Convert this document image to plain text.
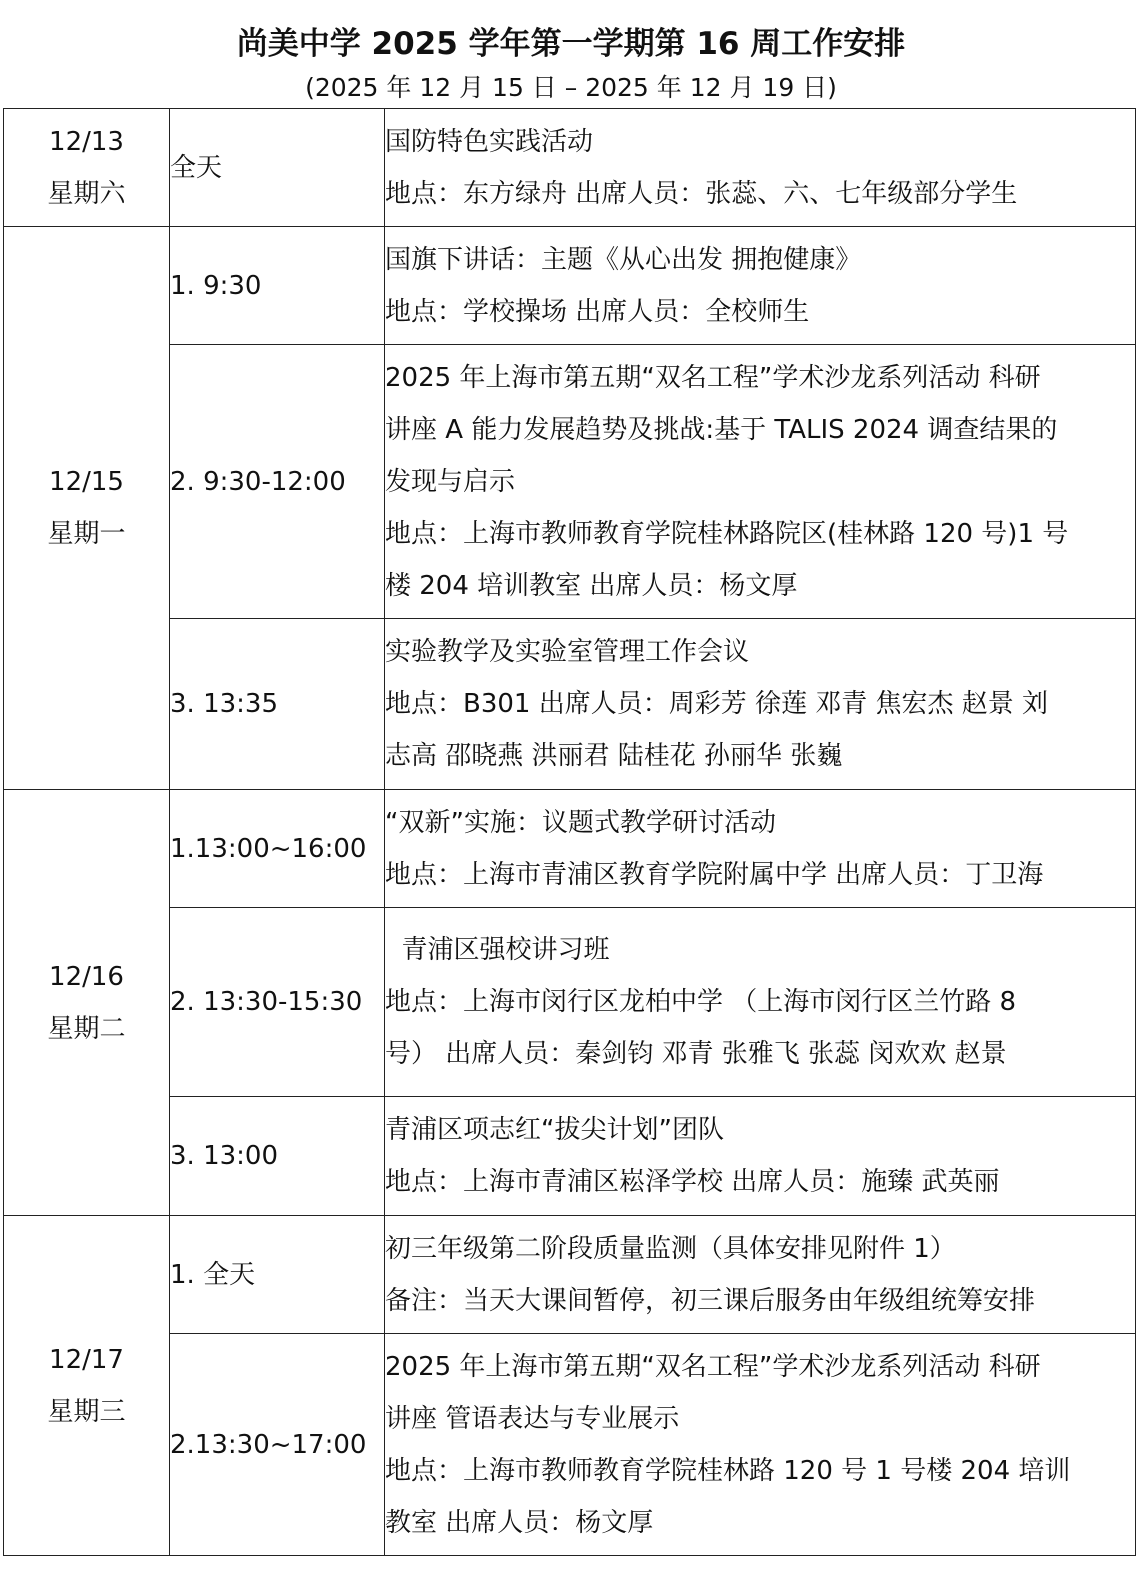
尚美中学 2025 学年第一学期第 16 周工作安排
(2025 年 12 月 15 日 – 2025 年 12 月 19 日)
12/13
星期六	全天	国防特色实践活动
地点：东方绿舟 出席人员：张蕊、六、七年级部分学生

12/15
星期一	1. 9:30	国旗下讲话：主题《从心出发 拥抱健康》
地点：学校操场 出席人员：全校师生

	2. 9:30-12:00	2025 年上海市第五期“双名工程”学术沙龙系列活动 科研
讲座 A 能力发展趋势及挑战:基于 TALIS 2024 调查结果的
发现与启示
地点：上海市教师教育学院桂林路院区(桂林路 120 号)1 号
楼 204 培训教室 出席人员：杨文厚

	3. 13:35	实验教学及实验室管理工作会议
地点：B301 出席人员：周彩芳 徐莲 邓青 焦宏杰 赵景 刘
志高 邵晓燕 洪丽君 陆桂花 孙丽华 张巍

12/16
星期二	1.13:00~16:00	“双新”实施：议题式教学研讨活动
地点：上海市青浦区教育学院附属中学 出席人员：丁卫海

	2. 13:30-15:30	青浦区强校讲习班
地点：上海市闵行区龙柏中学 （上海市闵行区兰竹路 8
号） 出席人员：秦剑钧 邓青 张雅飞 张蕊 闵欢欢 赵景

	3. 13:00	青浦区项志红“拔尖计划”团队
地点：上海市青浦区崧泽学校 出席人员：施臻 武英丽

12/17
星期三	1. 全天	初三年级第二阶段质量监测（具体安排见附件 1）
备注：当天大课间暂停，初三课后服务由年级组统筹安排

	2.13:30~17:00	2025 年上海市第五期“双名工程”学术沙龙系列活动 科研
讲座 管语表达与专业展示
地点：上海市教师教育学院桂林路 120 号 1 号楼 204 培训
教室 出席人员：杨文厚
